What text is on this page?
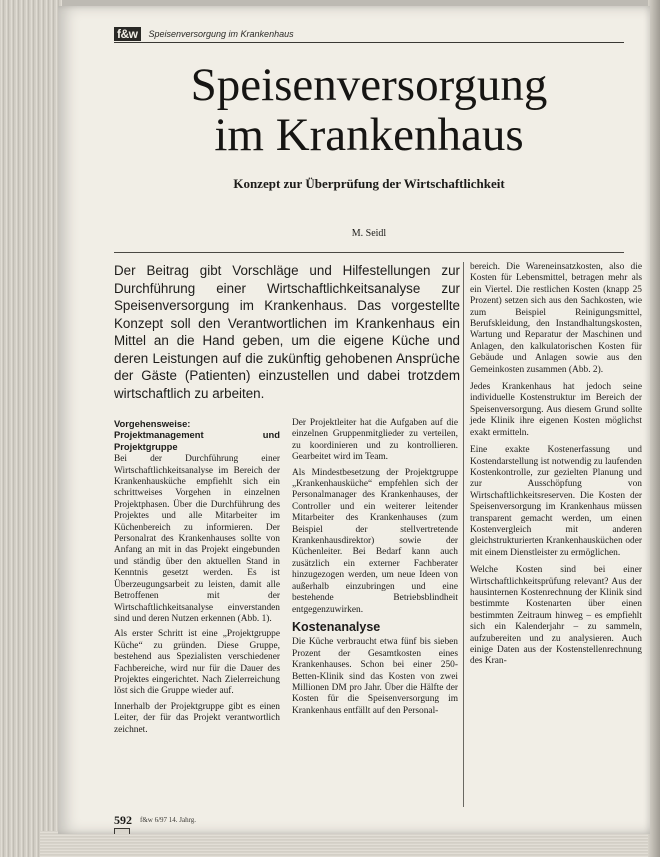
f&w	Speisenversorgung im Krankenhaus
Speisenversorgung
im Krankenhaus
Konzept zur Überprüfung der Wirtschaftlichkeit
M. Seidl

Der Beitrag gibt Vorschläge und Hilfestellungen zur Durchführung einer Wirtschaftlichkeitsanalyse zur Speisenversorgung im Krankenhaus. Das vorgestellte Konzept soll den Verantwortlichen im Krankenhaus ein Mittel an die Hand geben, um die eigene Küche und deren Leistungen auf die zukünftig gehobenen Ansprüche der Gäste (Patienten) einzustellen und dabei trotzdem wirtschaftlich zu arbeiten.

Vorgehensweise: Projektmanagement und Projektgruppe

Bei der Durchführung einer Wirtschaftlichkeitsanalyse im Bereich der Krankenhausküche empfiehlt sich ein schrittweises Vorgehen in einzelnen Projektphasen. Über die Durchführung des Projektes und alle Mitarbeiter im Küchenbereich zu informieren. Der Personalrat des Krankenhauses sollte von Anfang an mit in das Projekt eingebunden und ständig über den aktuellen Stand in Kenntnis gesetzt werden. Es ist Überzeugungsarbeit zu leisten, damit alle Betroffenen mit der Wirtschaftlichkeitsanalyse einverstanden sind und deren Nutzen erkennen (Abb. 1).

Als erster Schritt ist eine „Projektgruppe Küche“ zu gründen. Diese Gruppe, bestehend aus Spezialisten verschiedener Fachbereiche, wird nur für die Dauer des Projektes eingerichtet. Nach Zielerreichung löst sich die Gruppe wieder auf.

Innerhalb der Projektgruppe gibt es einen Leiter, der für das Projekt verantwortlich zeichnet.

Der Projektleiter hat die Aufgaben auf die einzelnen Gruppenmitglieder zu verteilen, zu koordinieren und zu kontrollieren. Gearbeitet wird im Team.

Als Mindestbesetzung der Projektgruppe „Krankenhausküche“ empfehlen sich der Personalmanager des Krankenhauses, der Controller und ein weiterer leitender Mitarbeiter des Krankenhauses (zum Beispiel der stellvertretende Krankenhausdirektor) sowie der Küchenleiter. Bei Bedarf kann auch zusätzlich ein externer Fachberater hinzugezogen werden, um neue Ideen von außerhalb einzubringen und eine bestehende Betriebsblindheit entgegenzuwirken.

Kostenanalyse

Die Küche verbraucht etwa fünf bis sieben Prozent der Gesamtkosten eines Krankenhauses. Schon bei einer 250-Betten-Klinik sind das Kosten von zwei Millionen DM pro Jahr. Über die Hälfte der Kosten für die Speisenversorgung im Krankenhaus entfällt auf den Personal-

bereich. Die Wareneinsatzkosten, also die Kosten für Lebensmittel, betragen mehr als ein Viertel. Die restlichen Kosten (knapp 25 Prozent) setzen sich aus den Sachkosten, wie zum Beispiel Reinigungsmittel, Berufskleidung, den Instandhaltungskosten, Wartung und Reparatur der Maschinen und Anlagen, den kalkulatorischen Kosten für Gebäude und Anlagen sowie aus den Gemeinkosten zusammen (Abb. 2).

Jedes Krankenhaus hat jedoch seine individuelle Kostenstruktur im Bereich der Speisenversorgung. Aus diesem Grund sollte jede Klinik ihre eigenen Kosten möglichst exakt ermitteln.

Eine exakte Kostenerfassung und Kostendarstellung ist notwendig zu laufenden Kostenkontrolle, zur gezielten Planung und zur Ausschöpfung von Wirtschaftlichkeitsreserven. Die Kosten der Speisenversorgung im Krankenhaus müssen transparent gemacht werden, um einen Kostenvergleich mit anderen gleichstrukturierten Krankenhausküchen oder mit einem Dienstleister zu ermöglichen.

Welche Kosten sind bei einer Wirtschaftlichkeitsprüfung relevant? Aus der hausinternen Kostenrechnung der Klinik sind bestimmte Kostenarten über einen bestimmten Zeitraum hinweg – es empfiehlt sich ein Kalenderjahr – zu sammeln, aufzubereiten und zu analysieren. Auch einige Daten aus der Kostenstellenrechnung des Kran-

592 f&w 6/97 14. Jahrg.
